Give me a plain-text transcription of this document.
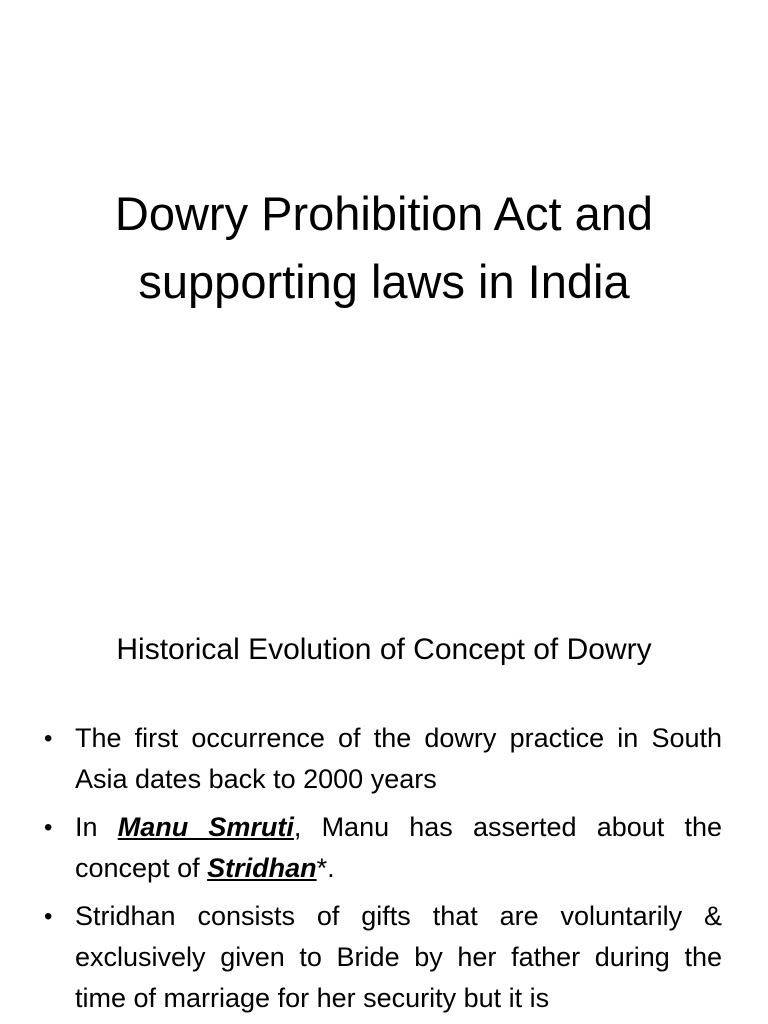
Dowry Prohibition Act and
supporting laws in India
Historical Evolution of Concept of Dowry
• The first occurrence of the dowry practice in South Asia dates back to 2000 years
• In Manu Smruti, Manu has asserted about the concept of Stridhan*.
• Stridhan consists of gifts that are voluntarily & exclusively given to Bride by her father during the time of marriage for her security but it is
